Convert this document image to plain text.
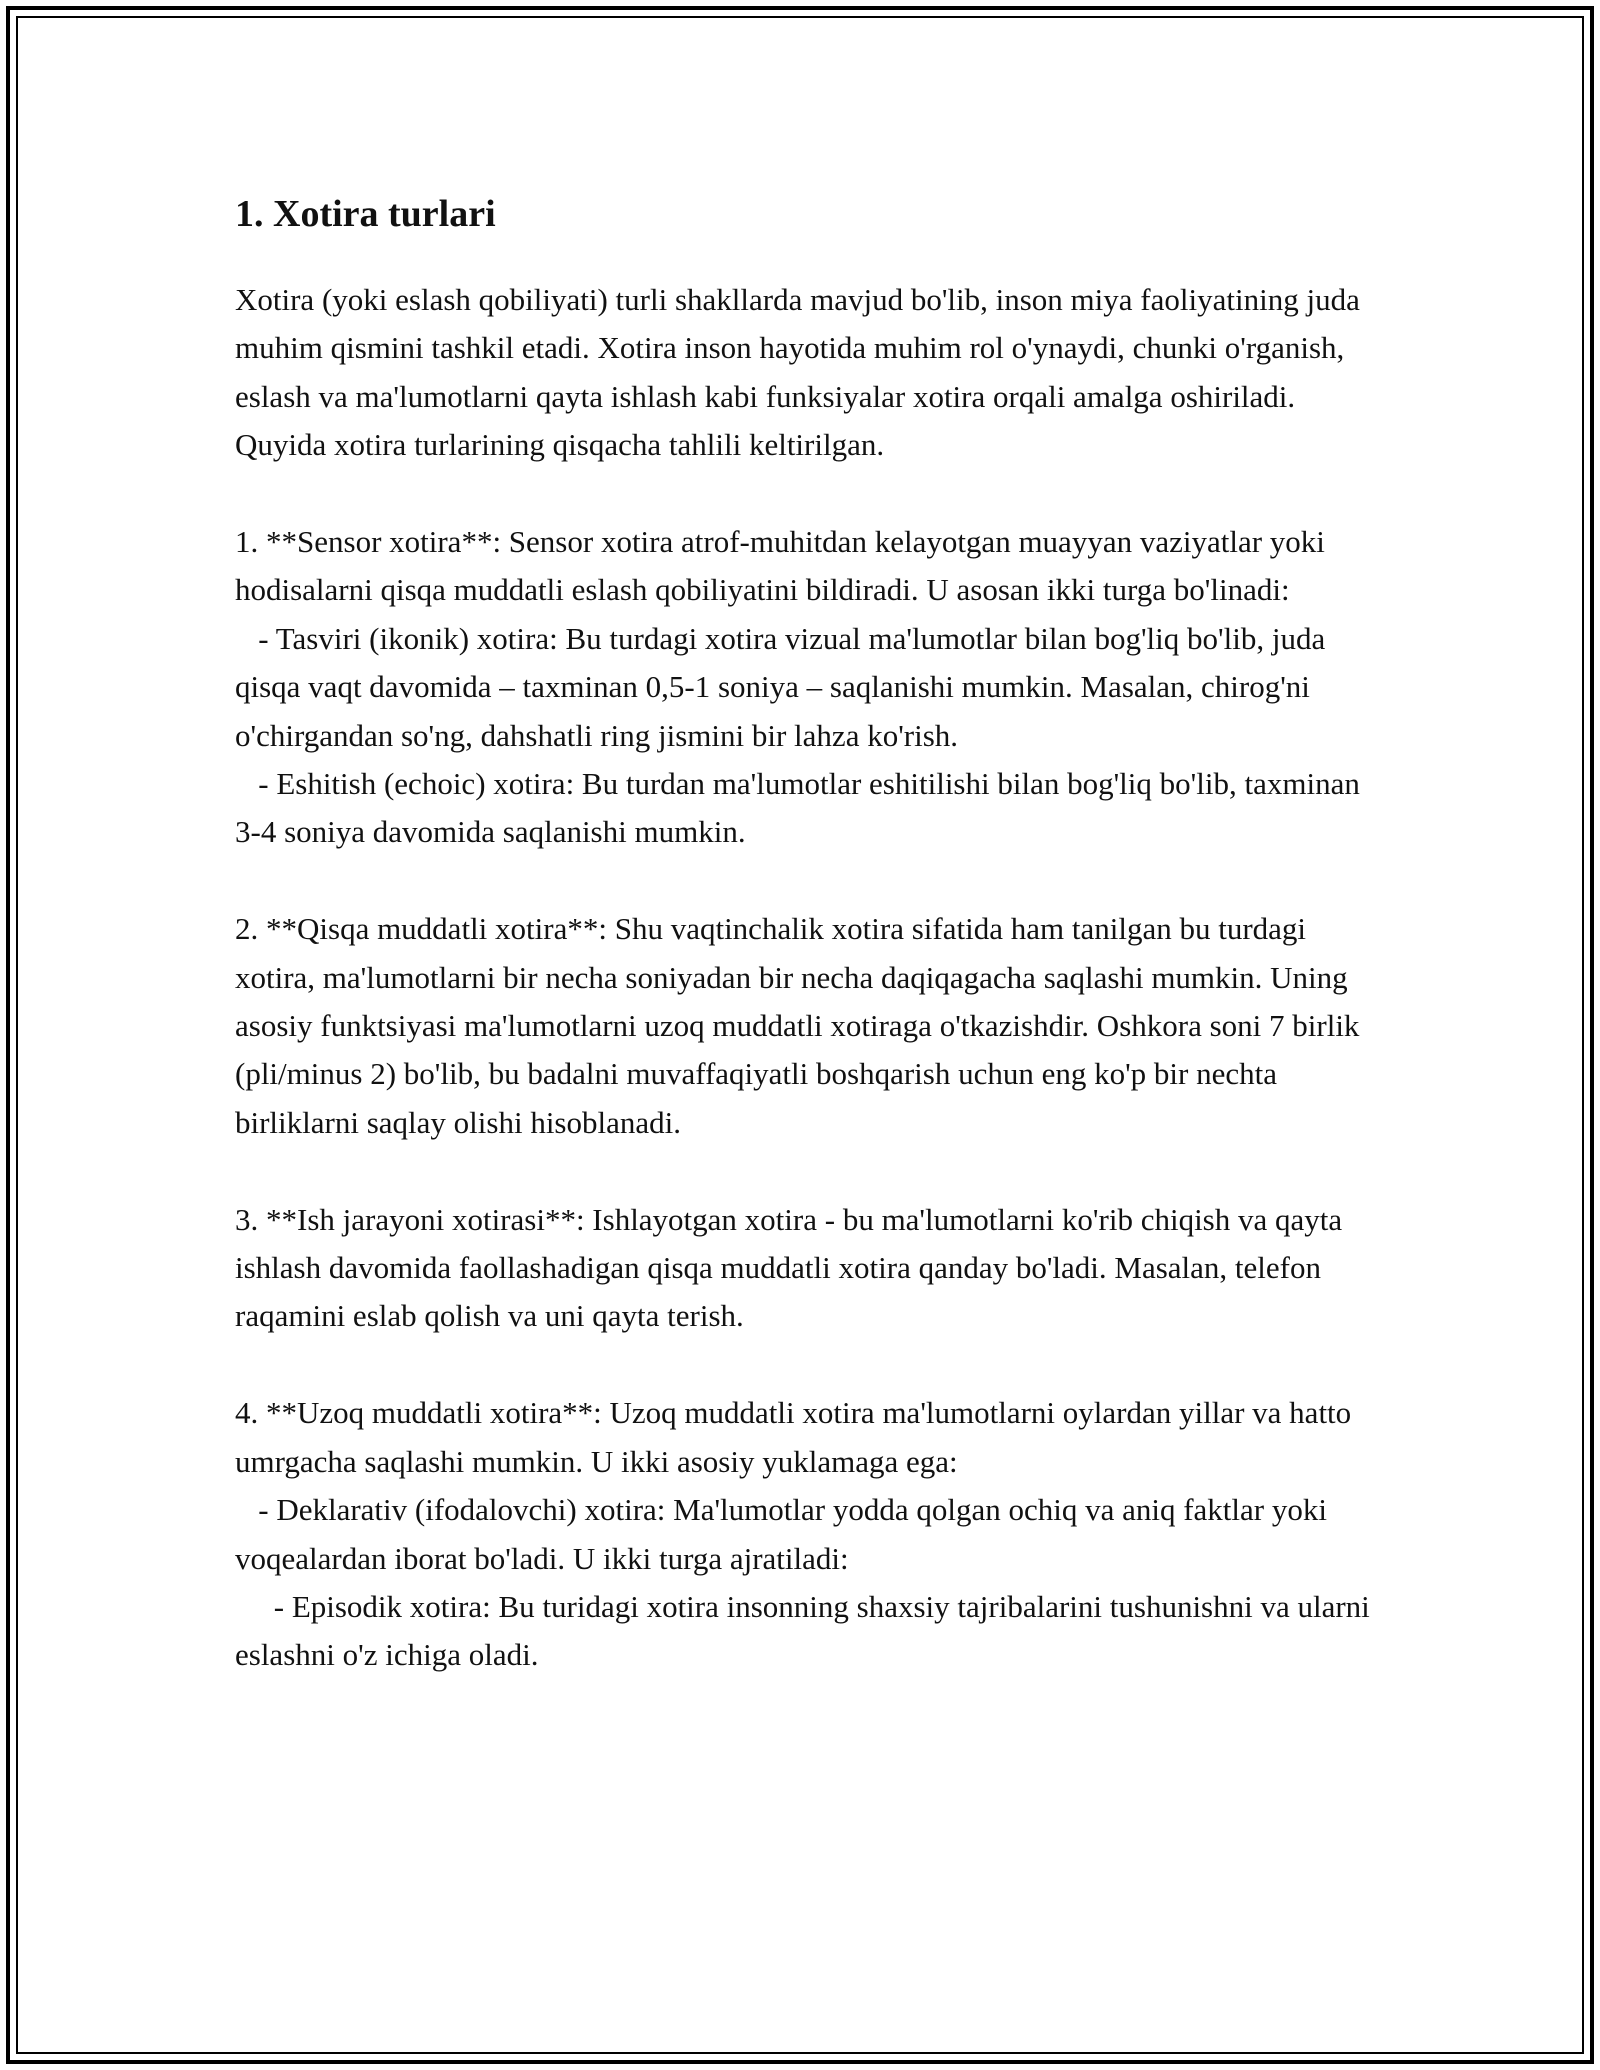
1. Xotira turlari

Xotira (yoki eslash qobiliyati) turli shakllarda mavjud bo'lib, inson miya faoliyatining juda muhim qismini tashkil etadi. Xotira inson hayotida muhim rol o'ynaydi, chunki o'rganish, eslash va ma'lumotlarni qayta ishlash kabi funksiyalar xotira orqali amalga oshiriladi. Quyida xotira turlarining qisqacha tahlili keltirilgan.

1. **Sensor xotira**: Sensor xotira atrof-muhitdan kelayotgan muayyan vaziyatlar yoki hodisalarni qisqa muddatli eslash qobiliyatini bildiradi. U asosan ikki turga bo'linadi:
- Tasviri (ikonik) xotira: Bu turdagi xotira vizual ma'lumotlar bilan bog'liq bo'lib, juda qisqa vaqt davomida – taxminan 0,5-1 soniya – saqlanishi mumkin. Masalan, chirog'ni o'chirgandan so'ng, dahshatli ring jismini bir lahza ko'rish.
- Eshitish (echoic) xotira: Bu turdan ma'lumotlar eshitilishi bilan bog'liq bo'lib, taxminan 3-4 soniya davomida saqlanishi mumkin.

2. **Qisqa muddatli xotira**: Shu vaqtinchalik xotira sifatida ham tanilgan bu turdagi xotira, ma'lumotlarni bir necha soniyadan bir necha daqiqagacha saqlashi mumkin. Uning asosiy funktsiyasi ma'lumotlarni uzoq muddatli xotiraga o'tkazishdir. Oshkora soni 7 birlik (pli/minus 2) bo'lib, bu badalni muvaffaqiyatli boshqarish uchun eng ko'p bir nechta birliklarni saqlay olishi hisoblanadi.

3. **Ish jarayoni xotirasi**: Ishlayotgan xotira - bu ma'lumotlarni ko'rib chiqish va qayta ishlash davomida faollashadigan qisqa muddatli xotira qanday bo'ladi. Masalan, telefon raqamini eslab qolish va uni qayta terish.

4. **Uzoq muddatli xotira**: Uzoq muddatli xotira ma'lumotlarni oylardan yillar va hatto umrgacha saqlashi mumkin. U ikki asosiy yuklamaga ega:
- Deklarativ (ifodalovchi) xotira: Ma'lumotlar yodda qolgan ochiq va aniq faktlar yoki voqealardan iborat bo'ladi. U ikki turga ajratiladi:
- Episodik xotira: Bu turidagi xotira insonning shaxsiy tajribalarini tushunishni va ularni eslashni o'z ichiga oladi.
